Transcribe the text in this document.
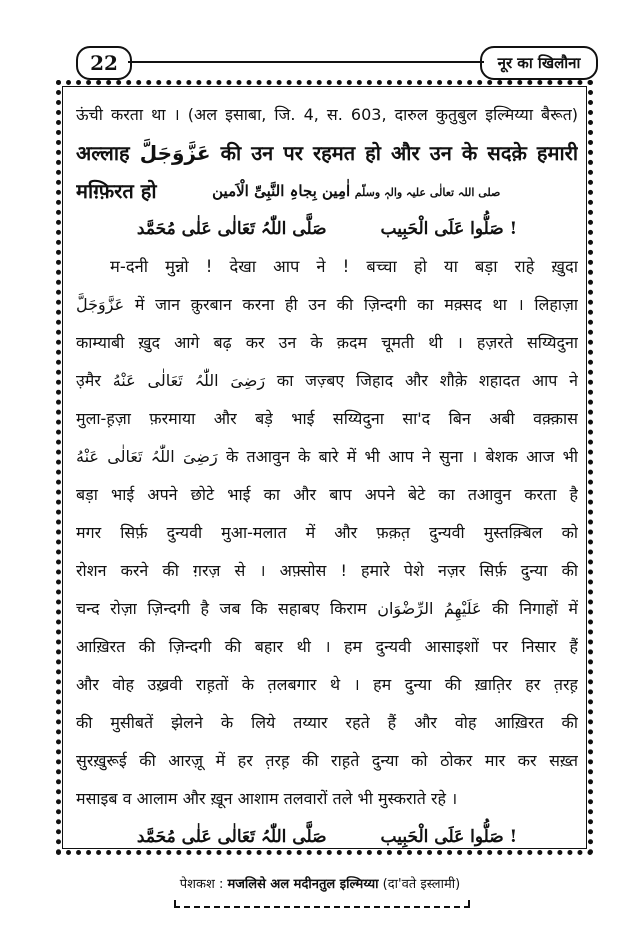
22	नूर का खिलौना
ऊंची करता था । (अल इसाबा, जि. 4, स. 603, दारुल कुतुबुल इल्मिय्या बैरूत)
अल्लाह عَزَّوَجَلَّ की उन पर रहमत हो और उन के सदक़े हमारी
मग़्फ़िरत हो	صلی اللہ تعالٰی علیہ والہٖ وسلّم اٰمِین بِجاہِ النَّبِیِّ الْاَمین
صَلَّی اللّٰہُ تَعَالٰی عَلٰی مُحَمَّد	صَلُّوا عَلَی الْحَبِیب !
म-दनी मुन्नो ! देखा आप ने ! बच्चा हो या बड़ा राहे ख़ुदा
عَزَّوَجَلَّ में जान क़ुरबान करना ही उन की ज़िन्दगी का मक़्सद था । लिहाज़ा
काम्याबी ख़ुद आगे बढ़ कर उन के क़दम चूमती थी । हज़रते सय्यिदुना
उ़मैर رَضِیَ اللّٰہُ تَعَالٰی عَنْهُ का जज़्बए जिहाद और शौक़े शहादत आप ने
मुला-ह़ज़ा फ़रमाया और बड़े भाई सय्यिदुना सा'द बिन अबी वक़्क़ास
رَضِیَ اللّٰہُ تَعَالٰی عَنْهُ के तआवुन के बारे में भी आप ने सुना । बेशक आज भी
बड़ा भाई अपने छोटे भाई का और बाप अपने बेटे का तआवुन करता है
मगर सिर्फ़ दुन्यवी मुआ-मलात में और फ़क़त़ दुन्यवी मुस्तक़्बिल को
रोशन करने की ग़रज़ से । अफ़्सोस ! हमारे पेशे नज़र सिर्फ़ दुन्या की
चन्द रोज़ा ज़िन्दगी है जब कि सहाबए किराम عَلَیْهِمُ الرِّضْوَان की निगाहों में
आख़िरत की ज़िन्दगी की बहार थी । हम दुन्यवी आसाइशों पर निसार हैं
और वोह उख़्रवी राह़तों के त़लबगार थे । हम दुन्या की ख़ात़िर हर त़रह़
की मुसीबतें झेलने के लिये तय्यार रहते हैं और वोह आख़िरत की
सुरख़ुरूई की आरज़ू में हर त़रह़ की राह़ते दुन्या को ठोकर मार कर सख़्त
मसाइब व आलाम और ख़ून आशाम तलवारों तले भी मुस्कराते रहे ।
صَلَّی اللّٰہُ تَعَالٰی عَلٰی مُحَمَّد	صَلُّوا عَلَی الْحَبِیب !
पेशकश : मजलिसे अल मदीनतुल इल्मिय्या (दा'वते इस्लामी)
